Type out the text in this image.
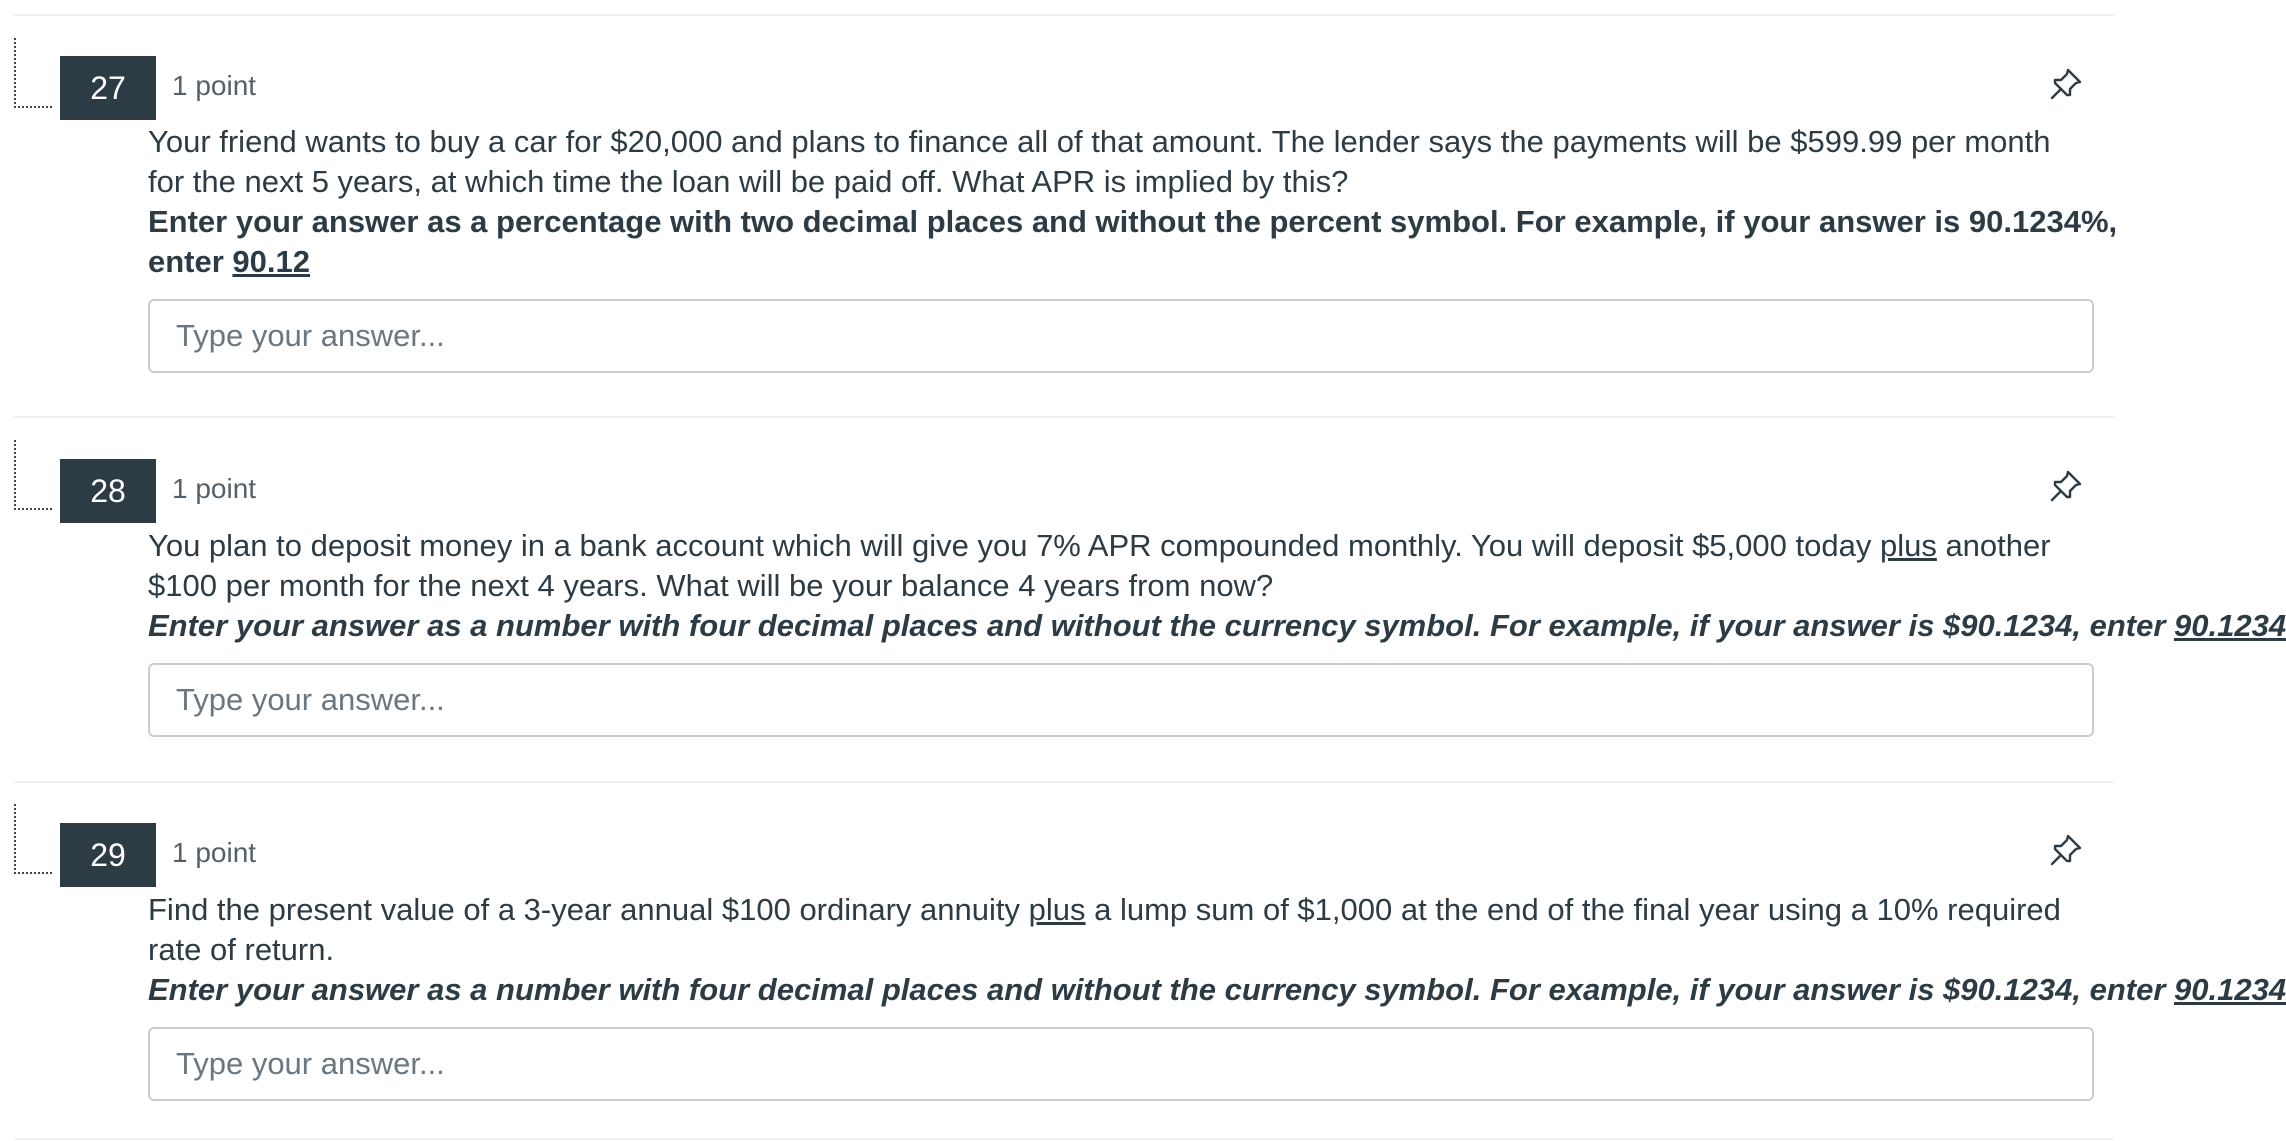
27	1 point
Your friend wants to buy a car for $20,000 and plans to finance all of that amount. The lender says the payments will be $599.99 per month
for the next 5 years, at which time the loan will be paid off. What APR is implied by this?
Enter your answer as a percentage with two decimal places and without the percent symbol. For example, if your answer is 90.1234%,
enter 90.12
Type your answer...
28	1 point
You plan to deposit money in a bank account which will give you 7% APR compounded monthly. You will deposit $5,000 today plus another
$100 per month for the next 4 years. What will be your balance 4 years from now?
Enter your answer as a number with four decimal places and without the currency symbol. For example, if your answer is $90.1234, enter 90.1234
Type your answer...
29	1 point
Find the present value of a 3-year annual $100 ordinary annuity plus a lump sum of $1,000 at the end of the final year using a 10% required
rate of return.
Enter your answer as a number with four decimal places and without the currency symbol. For example, if your answer is $90.1234, enter 90.1234
Type your answer...
